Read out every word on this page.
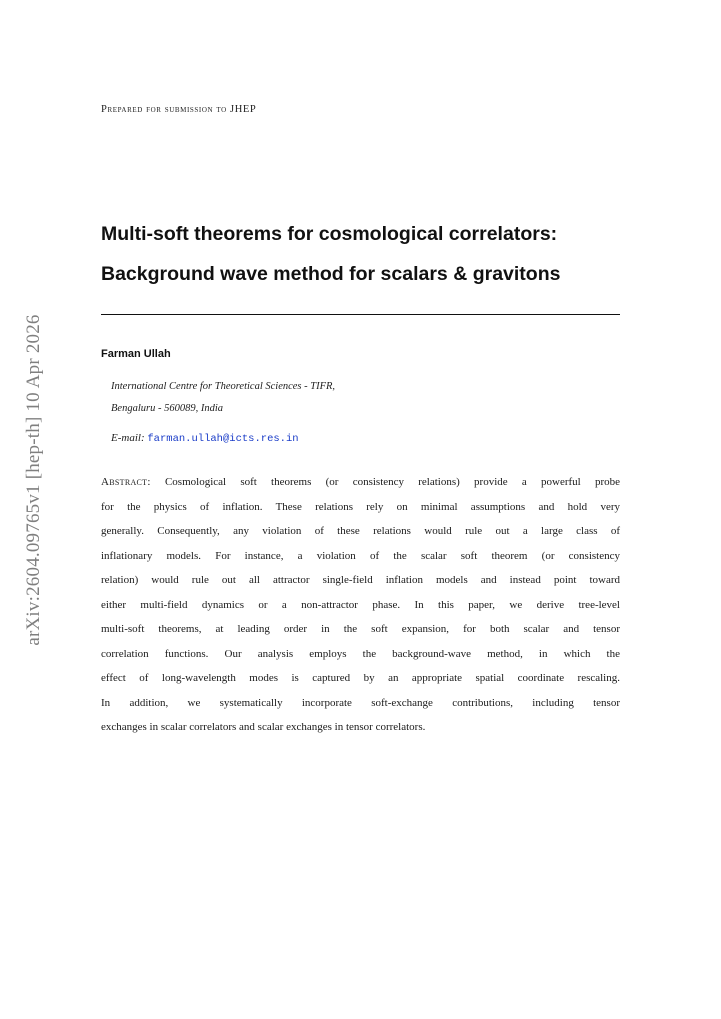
arXiv:2604.09765v1 [hep-th] 10 Apr 2026
Prepared for submission to JHEP
Multi-soft theorems for cosmological correlators:
Background wave method for scalars & gravitons
Farman Ullah
International Centre for Theoretical Sciences - TIFR,
Bengaluru - 560089, India
E-mail: farman.ullah@icts.res.in
Abstract: Cosmological soft theorems (or consistency relations) provide a powerful probe
for the physics of inflation. These relations rely on minimal assumptions and hold very
generally. Consequently, any violation of these relations would rule out a large class of
inflationary models. For instance, a violation of the scalar soft theorem (or consistency
relation) would rule out all attractor single-field inflation models and instead point toward
either multi-field dynamics or a non-attractor phase. In this paper, we derive tree-level
multi-soft theorems, at leading order in the soft expansion, for both scalar and tensor
correlation functions. Our analysis employs the background-wave method, in which the
effect of long-wavelength modes is captured by an appropriate spatial coordinate rescaling.
In addition, we systematically incorporate soft-exchange contributions, including tensor
exchanges in scalar correlators and scalar exchanges in tensor correlators.
